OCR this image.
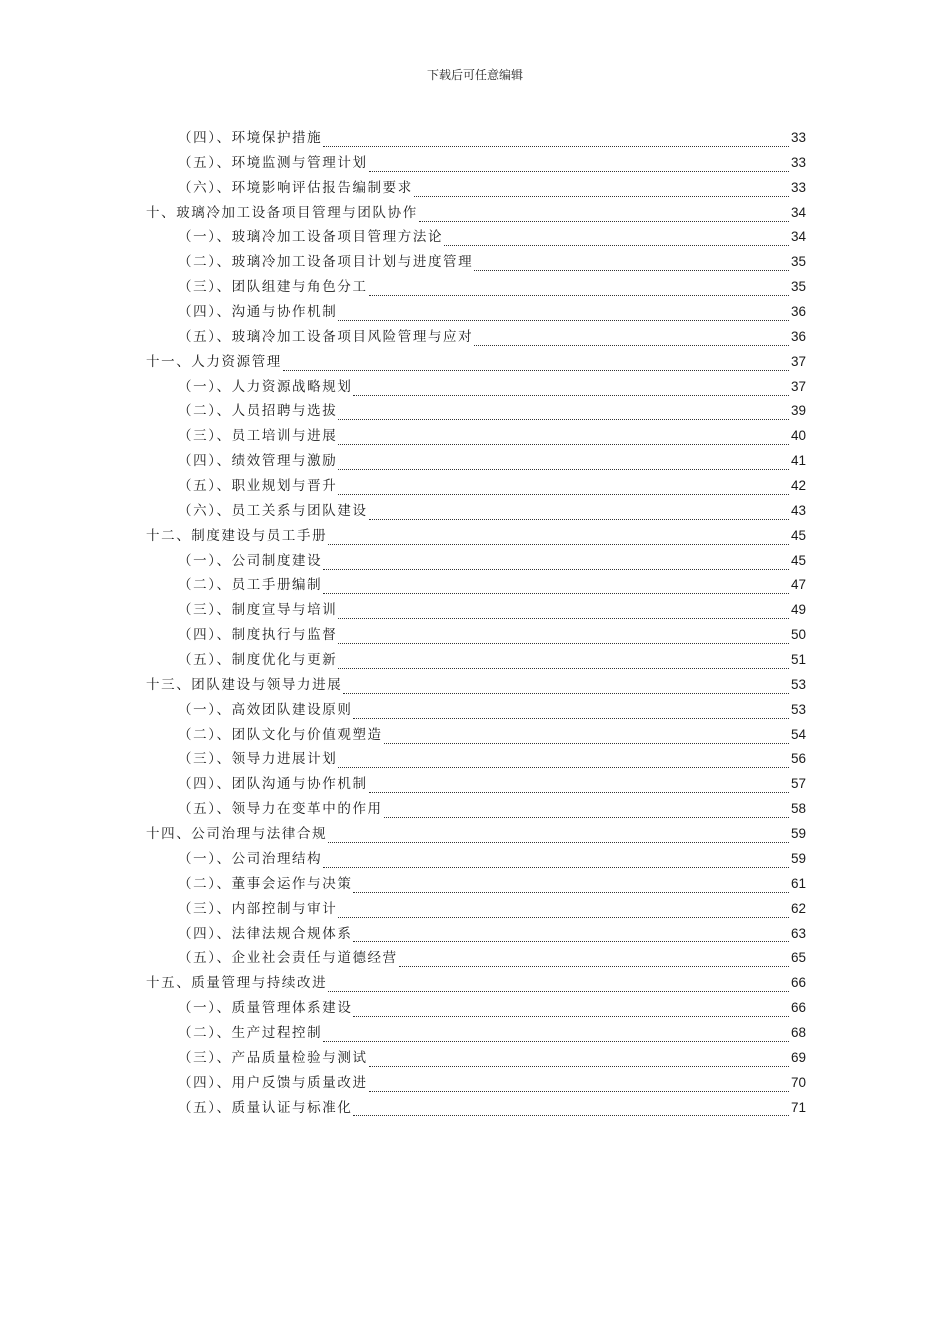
下载后可任意编辑
（四）、环境保护措施	33
（五）、环境监测与管理计划	33
（六）、环境影响评估报告编制要求	33
十、玻璃冷加工设备项目管理与团队协作	34
（一）、玻璃冷加工设备项目管理方法论	34
（二）、玻璃冷加工设备项目计划与进度管理	35
（三）、团队组建与角色分工	35
（四）、沟通与协作机制	36
（五）、玻璃冷加工设备项目风险管理与应对	36
十一、人力资源管理	37
（一）、人力资源战略规划	37
（二）、人员招聘与选拔	39
（三）、员工培训与进展	40
（四）、绩效管理与激励	41
（五）、职业规划与晋升	42
（六）、员工关系与团队建设	43
十二、制度建设与员工手册	45
（一）、公司制度建设	45
（二）、员工手册编制	47
（三）、制度宣导与培训	49
（四）、制度执行与监督	50
（五）、制度优化与更新	51
十三、团队建设与领导力进展	53
（一）、高效团队建设原则	53
（二）、团队文化与价值观塑造	54
（三）、领导力进展计划	56
（四）、团队沟通与协作机制	57
（五）、领导力在变革中的作用	58
十四、公司治理与法律合规	59
（一）、公司治理结构	59
（二）、董事会运作与决策	61
（三）、内部控制与审计	62
（四）、法律法规合规体系	63
（五）、企业社会责任与道德经营	65
十五、质量管理与持续改进	66
（一）、质量管理体系建设	66
（二）、生产过程控制	68
（三）、产品质量检验与测试	69
（四）、用户反馈与质量改进	70
（五）、质量认证与标准化	71
